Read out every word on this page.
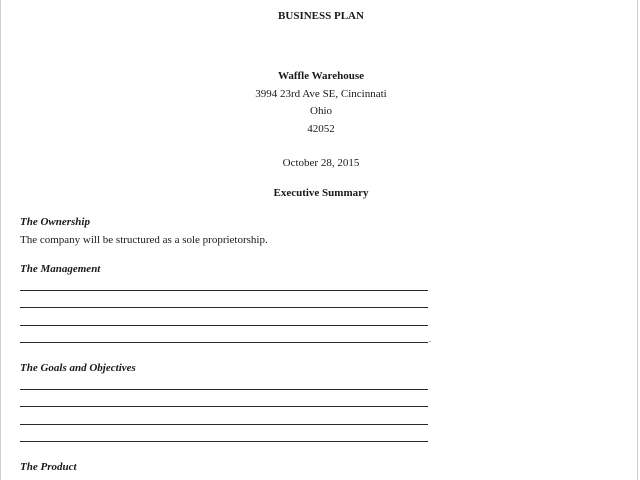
BUSINESS PLAN
Waffle Warehouse
3994 23rd Ave SE, Cincinnati
Ohio
42052
October 28, 2015
Executive Summary
The Ownership
The company will be structured as a sole proprietorship.
The Management
.
The Goals and Objectives
The Product
